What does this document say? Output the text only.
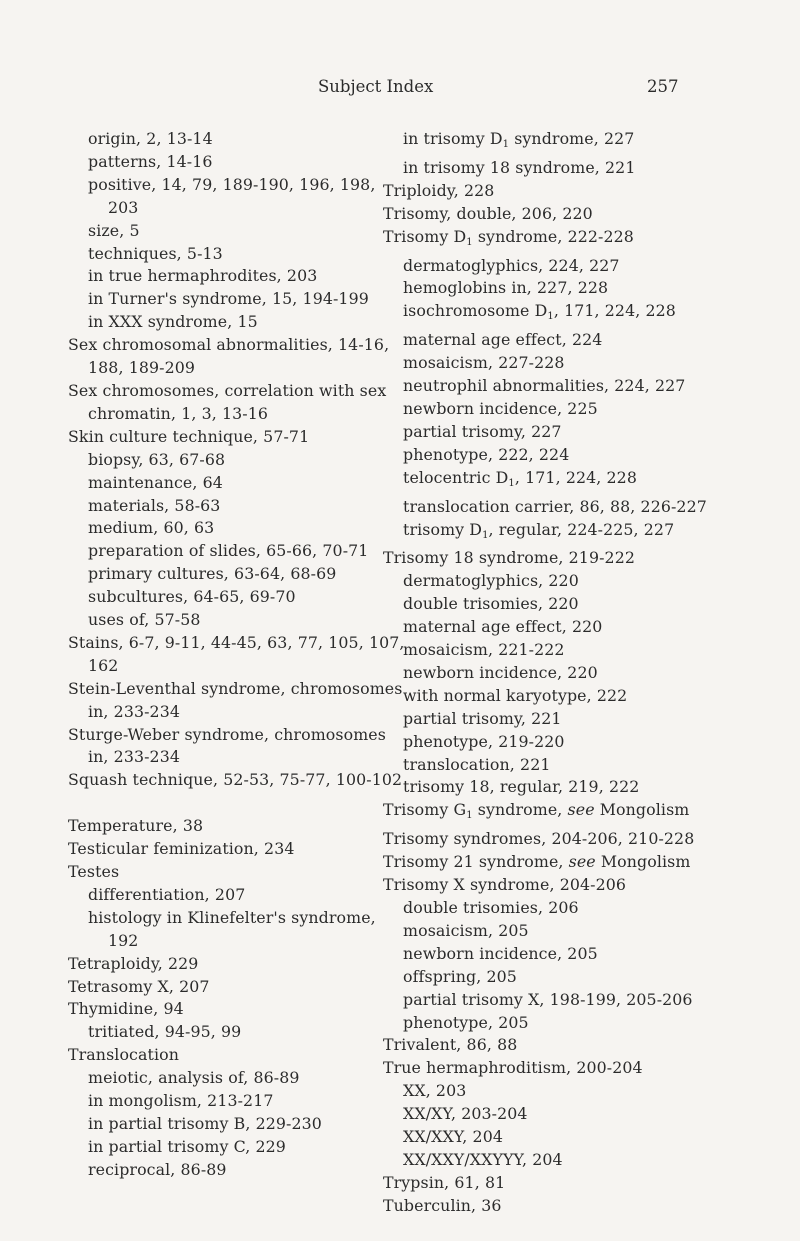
Subject Index	257

origin, 2, 13-14

patterns, 14-16

positive, 14, 79, 189-190, 196, 198, 203

size, 5

techniques, 5-13

in true hermaphrodites, 203

in Turner's syndrome, 15, 194-199

in XXX syndrome, 15

Sex chromosomal abnormalities, 14-16, 188, 189-209

Sex chromosomes, correlation with sex chromatin, 1, 3, 13-16

Skin culture technique, 57-71

biopsy, 63, 67-68

maintenance, 64

materials, 58-63

medium, 60, 63

preparation of slides, 65-66, 70-71

primary cultures, 63-64, 68-69

subcultures, 64-65, 69-70

uses of, 57-58

Stains, 6-7, 9-11, 44-45, 63, 77, 105, 107, 162

Stein-Leventhal syndrome, chromosomes in, 233-234

Sturge-Weber syndrome, chromosomes in, 233-234

Squash technique, 52-53, 75-77, 100-102

Temperature, 38

Testicular feminization, 234

Testes

differentiation, 207

histology in Klinefelter's syndrome, 192

Tetraploidy, 229

Tetrasomy X, 207

Thymidine, 94

tritiated, 94-95, 99

Translocation

meiotic, analysis of, 86-89

in mongolism, 213-217

in partial trisomy B, 229-230

in partial trisomy C, 229

reciprocal, 86-89

in trisomy D1 syndrome, 227

in trisomy 18 syndrome, 221

Triploidy, 228

Trisomy, double, 206, 220

Trisomy D1 syndrome, 222-228

dermatoglyphics, 224, 227

hemoglobins in, 227, 228

isochromosome D1, 171, 224, 228

maternal age effect, 224

mosaicism, 227-228

neutrophil abnormalities, 224, 227

newborn incidence, 225

partial trisomy, 227

phenotype, 222, 224

telocentric D1, 171, 224, 228

translocation carrier, 86, 88, 226-227

trisomy D1, regular, 224-225, 227

Trisomy 18 syndrome, 219-222

dermatoglyphics, 220

double trisomies, 220

maternal age effect, 220

mosaicism, 221-222

newborn incidence, 220

with normal karyotype, 222

partial trisomy, 221

phenotype, 219-220

translocation, 221

trisomy 18, regular, 219, 222

Trisomy G1 syndrome, see Mongolism

Trisomy syndromes, 204-206, 210-228

Trisomy 21 syndrome, see Mongolism

Trisomy X syndrome, 204-206

double trisomies, 206

mosaicism, 205

newborn incidence, 205

offspring, 205

partial trisomy X, 198-199, 205-206

phenotype, 205

Trivalent, 86, 88

True hermaphroditism, 200-204

XX, 203

XX/XY, 203-204

XX/XXY, 204

XX/XXY/XXYYY, 204

Trypsin, 61, 81

Tuberculin, 36
